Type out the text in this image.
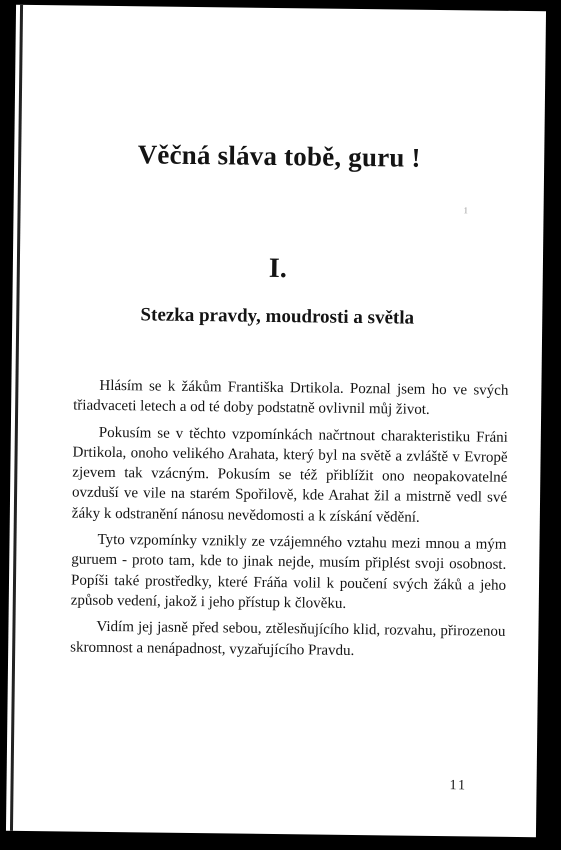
Věčná sláva tobě, guru !
1
I.
Stezka pravdy, moudrosti a světla

Hlásím se k žákům Františka Drtikola. Poznal jsem ho ve svých třiadvaceti letech a od té doby podstatně ovlivnil můj život.

Pokusím se v těchto vzpomínkách načrtnout charakteristiku Fráni Drtikola, onoho velikého Arahata, který byl na světě a zvláště v Evropě zjevem tak vzácným. Pokusím se též přiblížit ono neopakovatelné ovzduší ve vile na starém Spořilově, kde Arahat žil a mistrně vedl své žáky k odstranění nánosu nevědomosti a k získání vědění.

Tyto vzpomínky vznikly ze vzájemného vztahu mezi mnou a mým guruem - proto tam, kde to jinak nejde, musím připlést svoji osobnost. Popíši také prostředky, které Fráňa volil k poučení svých žáků a jeho způsob vedení, jakož i jeho přístup k člověku.

Vidím jej jasně před sebou, ztělesňujícího klid, rozvahu, přirozenou skromnost a nenápadnost, vyzařujícího Pravdu.

11
